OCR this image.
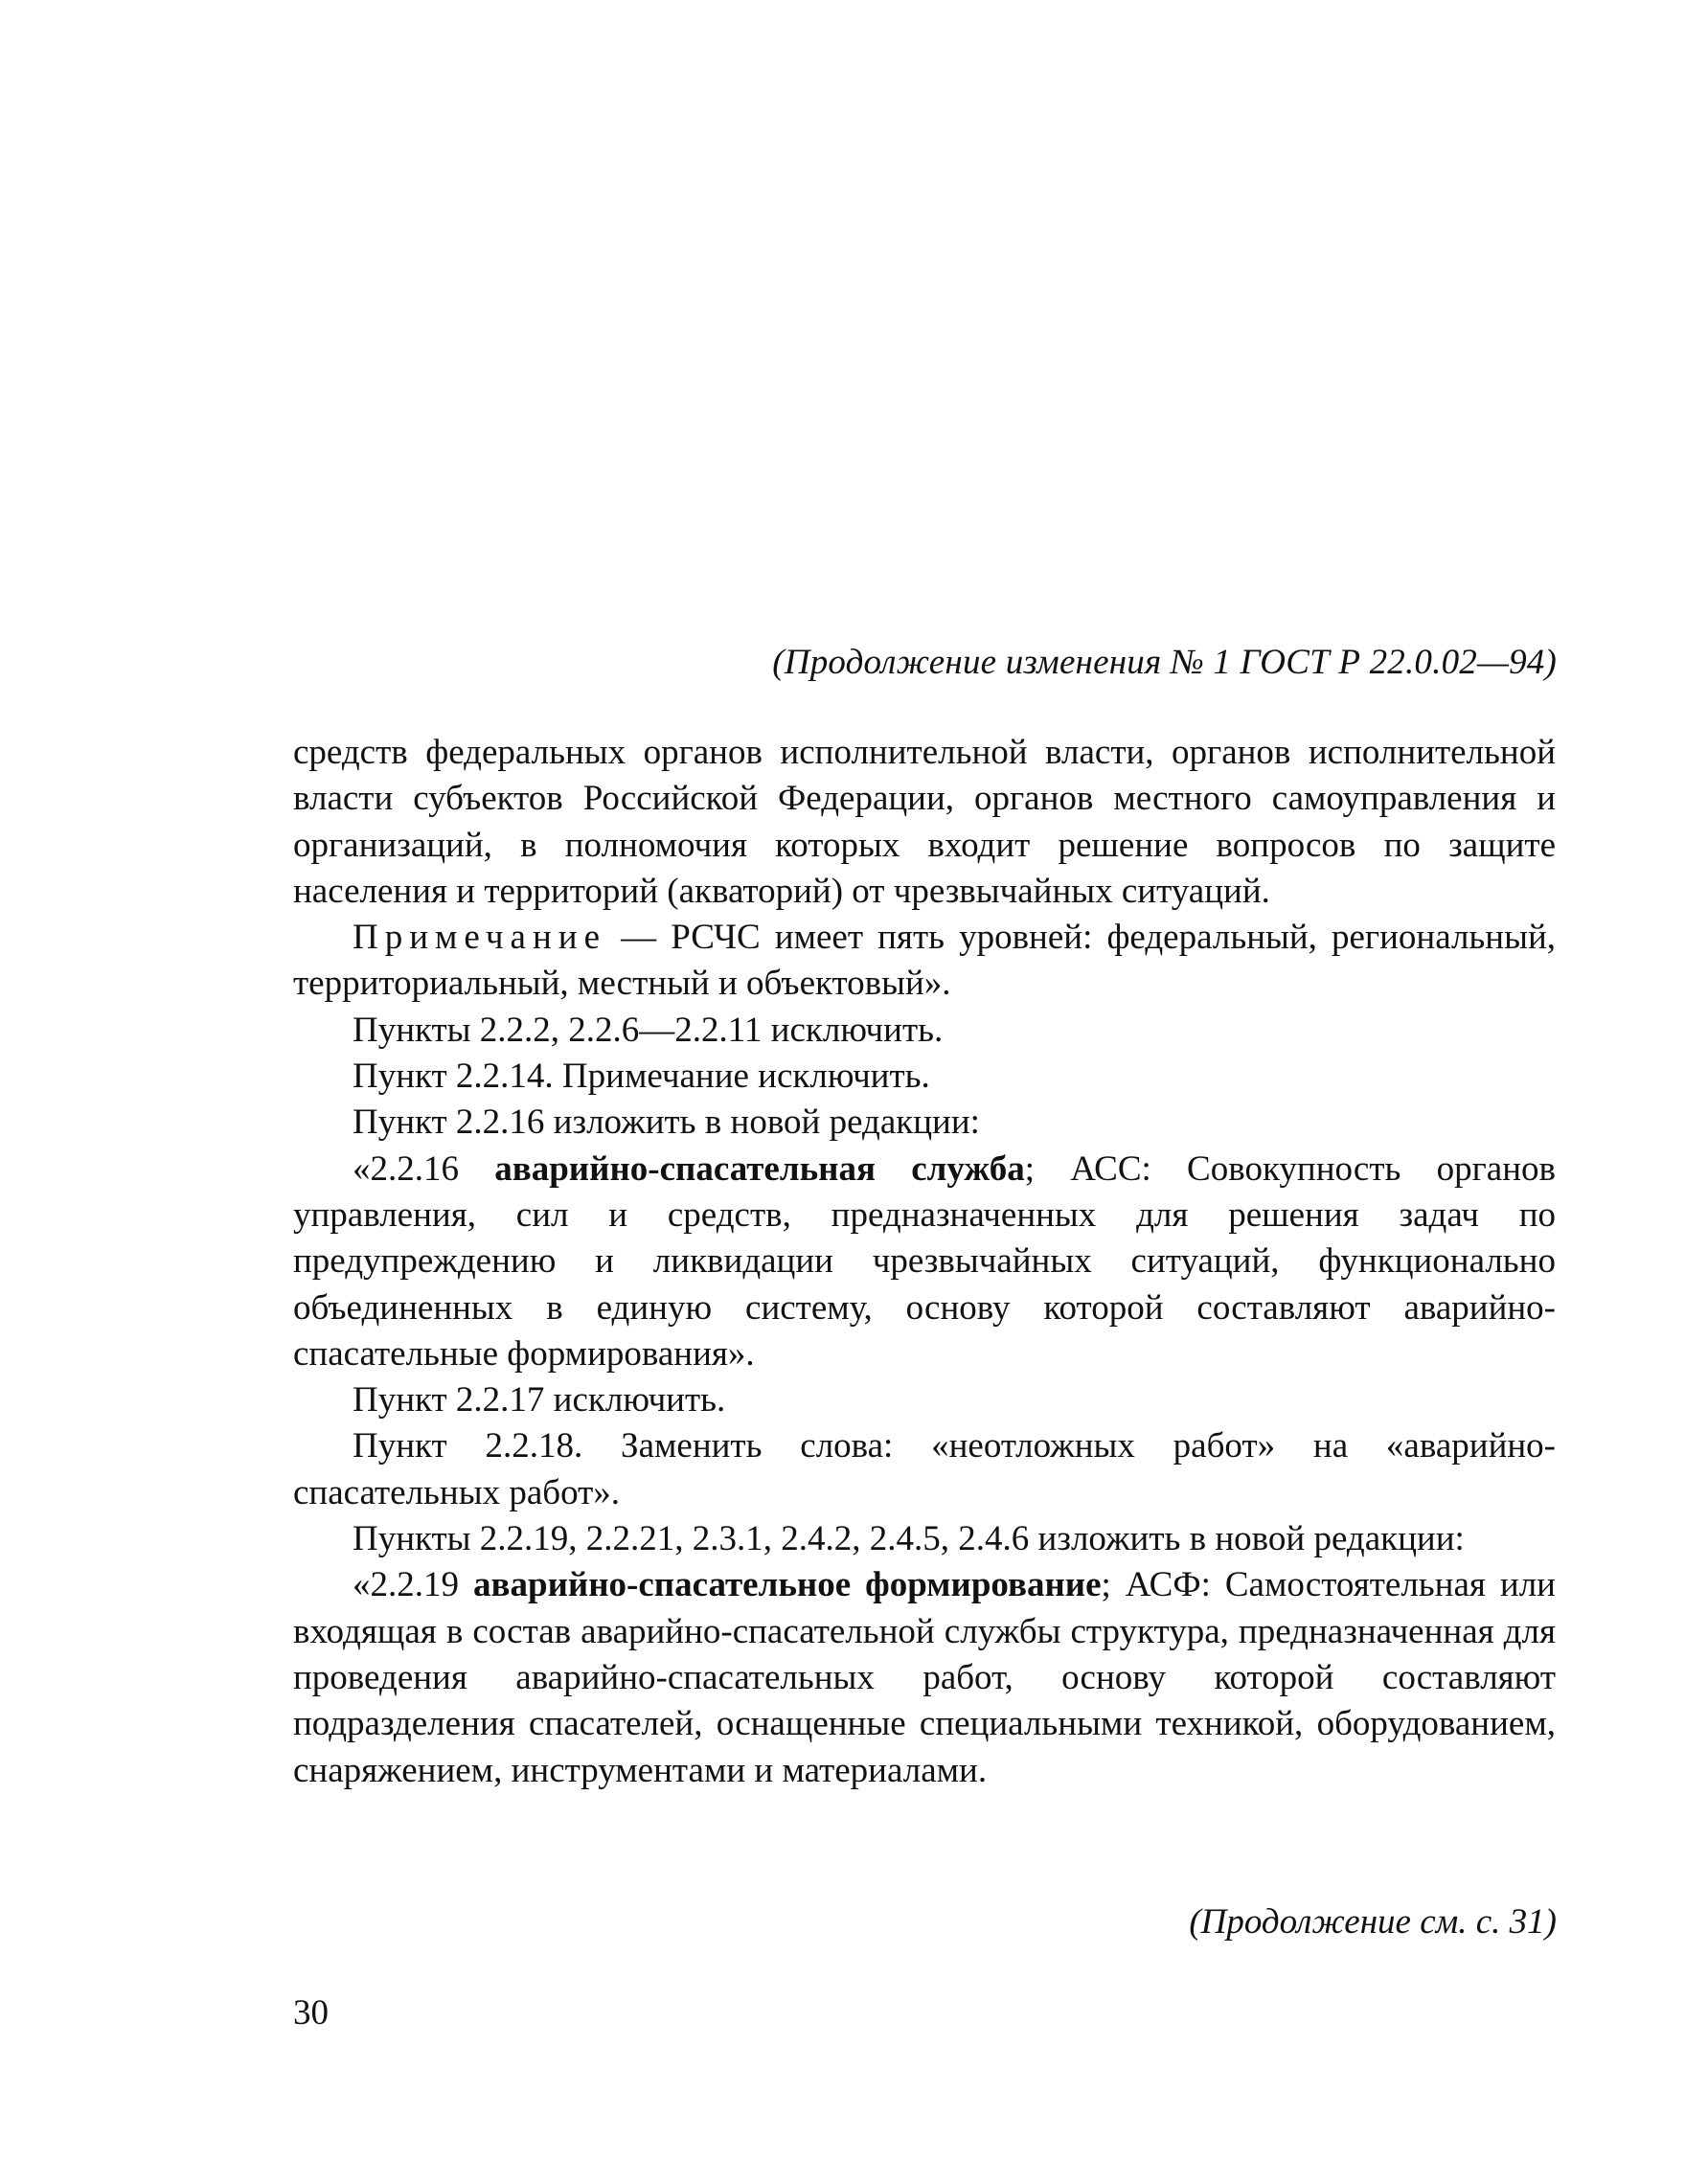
(Продолжение изменения № 1 ГОСТ Р 22.0.02—94)

средств федеральных органов исполнительной власти, органов исполнительной власти субъектов Российской Федерации, органов местного самоуправления и организаций, в полномочия которых входит решение вопросов по защите населения и территорий (акваторий) от чрезвычайных ситуаций.

Примечание — РСЧС имеет пять уровней: федеральный, региональный, территориальный, местный и объектовый».

Пункты 2.2.2, 2.2.6—2.2.11 исключить.

Пункт 2.2.14. Примечание исключить.

Пункт 2.2.16 изложить в новой редакции:

«2.2.16 аварийно-спасательная служба; АСС: Совокупность органов управления, сил и средств, предназначенных для решения задач по предупреждению и ликвидации чрезвычайных ситуаций, функционально объединенных в единую систему, основу которой составляют аварийно-спасательные формирования».

Пункт 2.2.17 исключить.

Пункт 2.2.18. Заменить слова: «неотложных работ» на «аварийно-спасательных работ».

Пункты 2.2.19, 2.2.21, 2.3.1, 2.4.2, 2.4.5, 2.4.6 изложить в новой редакции:

«2.2.19 аварийно-спасательное формирование; АСФ: Самостоятельная или входящая в состав аварийно-спасательной службы структура, предназначенная для проведения аварийно-спасательных работ, основу которой составляют подразделения спасателей, оснащенные специальными техникой, оборудованием, снаряжением, инструментами и материалами.

(Продолжение см. с. 31)
30
